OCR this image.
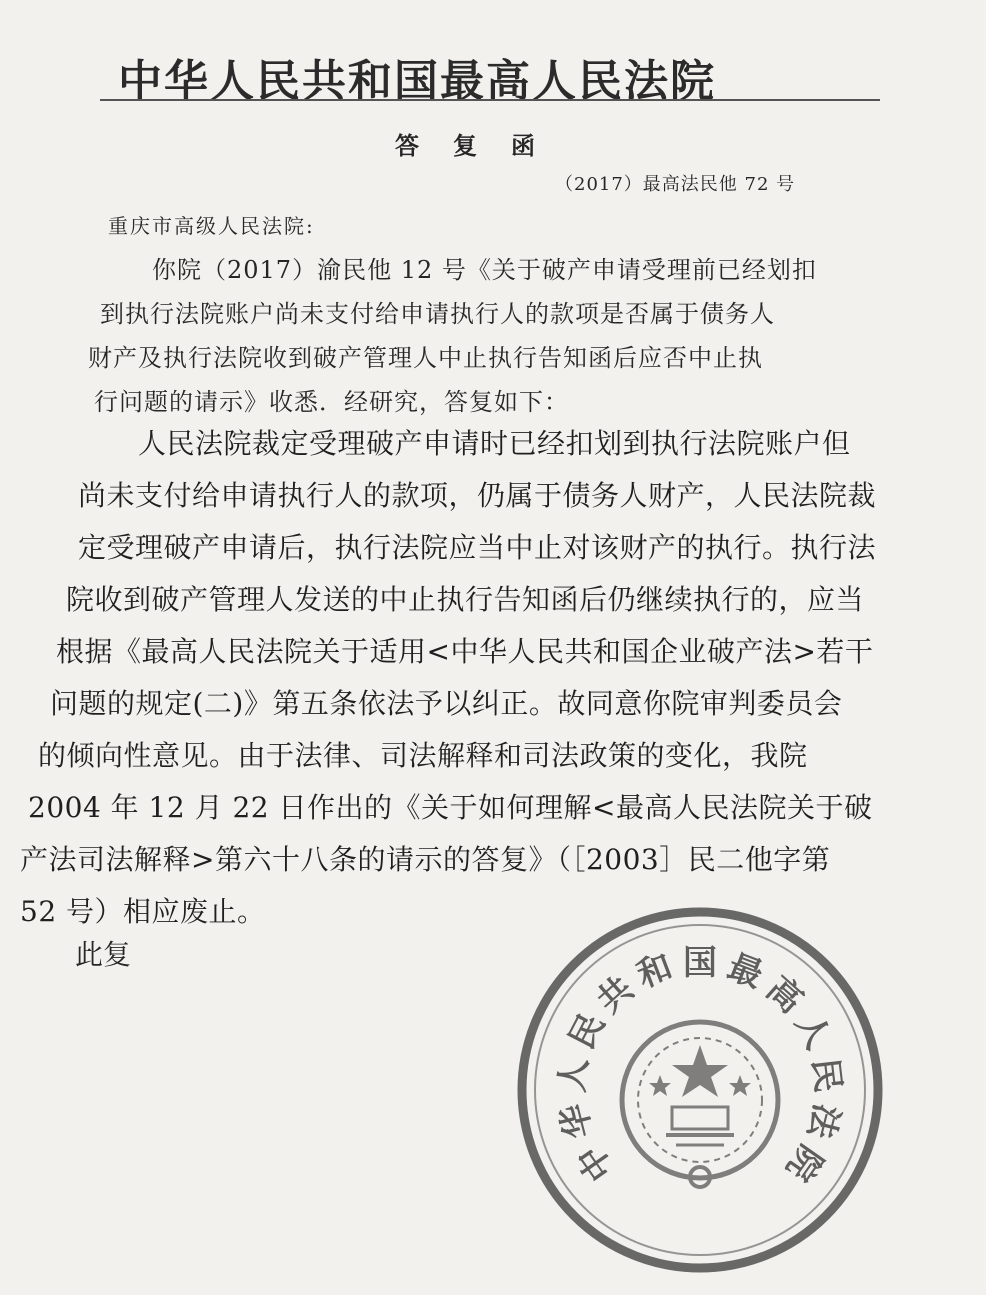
中华人民共和国最高人民法院
答复函
（2017）最高法民他 72 号
重庆市高级人民法院:
你院（2017）渝民他 12 号《关于破产申请受理前已经划扣
到执行法院账户尚未支付给申请执行人的款项是否属于债务人
财产及执行法院收到破产管理人中止执行告知函后应否中止执
行问题的请示》收悉．经研究，答复如下：
人民法院裁定受理破产申请时已经扣划到执行法院账户但
尚未支付给申请执行人的款项，仍属于债务人财产，人民法院裁
定受理破产申请后，执行法院应当中止对该财产的执行。执行法
院收到破产管理人发送的中止执行告知函后仍继续执行的，应当
根据《最高人民法院关于适用<中华人民共和国企业破产法>若干
问题的规定(二)》第五条依法予以纠正。故同意你院审判委员会
的倾向性意见。由于法律、司法解释和司法政策的变化，我院
2004 年 12 月 22 日作出的《关于如何理解<最高人民法院关于破
产法司法解释>第六十八条的请示的答复》（［2003］民二他字第
52 号）相应废止。
此复
中
华
人
民
共
和 国 最
高
人
民
法
院
